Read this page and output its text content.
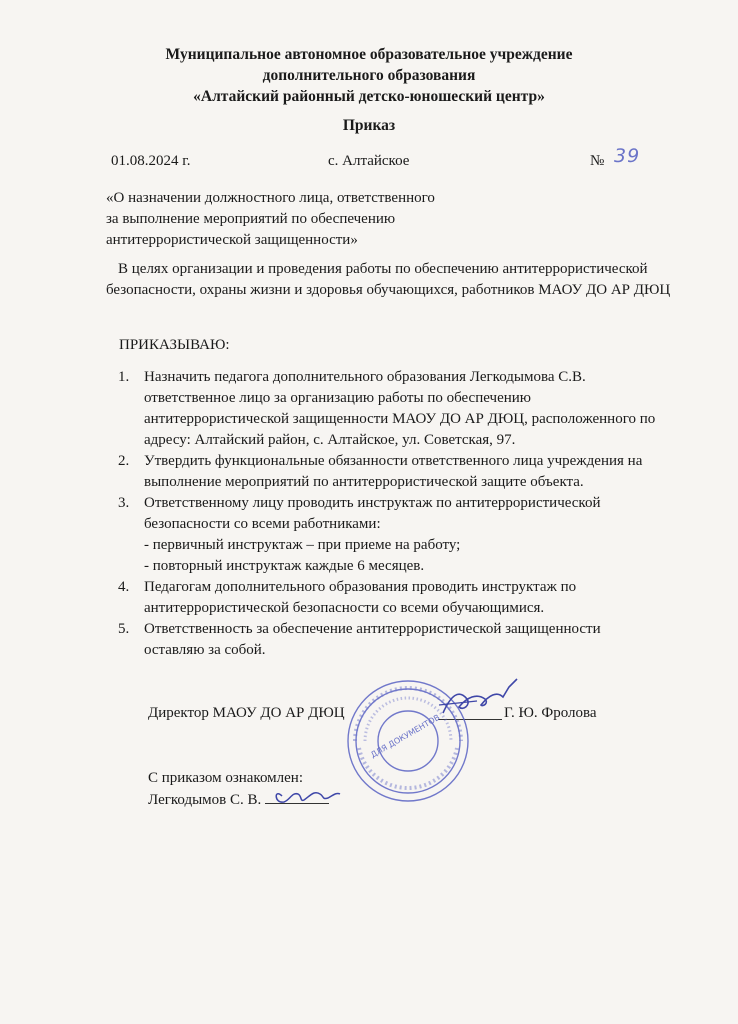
Муниципальное автономное образовательное учреждение
дополнительного образования
«Алтайский районный детско-юношеский центр»
Приказ
01.08.2024 г.	с. Алтайское	№ 39
«О назначении должностного лица, ответственного
за выполнение мероприятий по обеспечению
антитеррористической защищенности»
В целях организации и проведения работы по обеспечению антитеррористической безопасности, охраны жизни и здоровья обучающихся, работников МАОУ ДО АР ДЮЦ
ПРИКАЗЫВАЮ:
1. Назначить педагога дополнительного образования Легкодымова С.В. ответственное лицо за организацию работы по обеспечению антитеррористической защищенности МАОУ ДО АР ДЮЦ, расположенного по адресу: Алтайский район, с. Алтайское, ул. Советская, 97.
2. Утвердить функциональные обязанности ответственного лица учреждения на выполнение мероприятий по антитеррористической защите объекта.
3. Ответственному лицу проводить инструктаж по антитеррористической безопасности со всеми работниками:
- первичный инструктаж – при приеме на работу;
- повторный инструктаж каждые 6 месяцев.
4. Педагогам дополнительного образования проводить инструктаж по антитеррористической безопасности со всеми обучающимися.
5. Ответственность за обеспечение антитеррористической защищенности оставляю за собой.
Директор МАОУ ДО АР ДЮЦ	Г. Ю. Фролова
ДЛЯ ДОКУМЕНТОВ
С приказом ознакомлен:
Легкодымов С. В.
